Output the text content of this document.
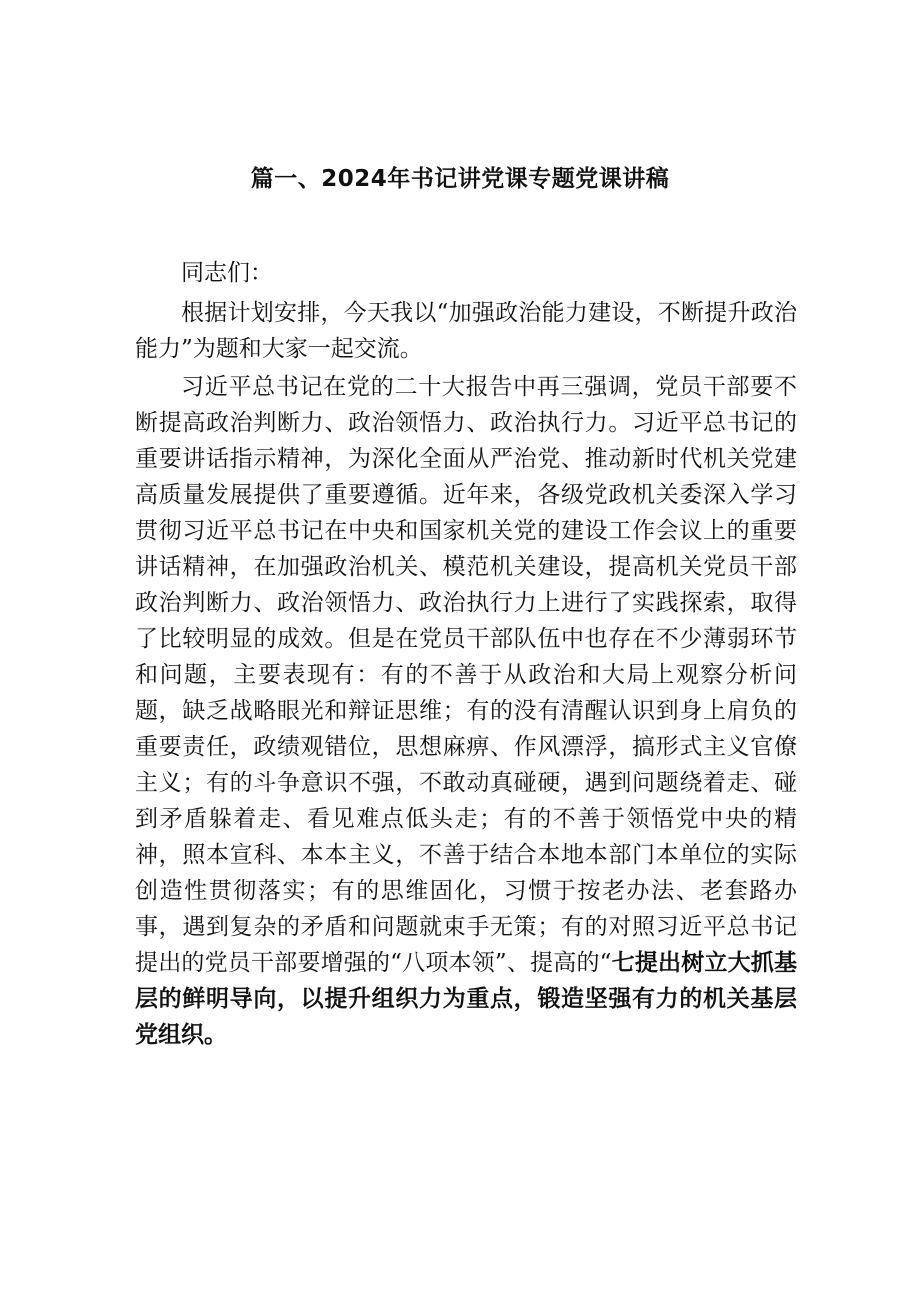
篇一、2024年书记讲党课专题党课讲稿

同志们：

根据计划安排，今天我以“加强政治能力建设，不断提升政治能力”为题和大家一起交流。

习近平总书记在党的二十大报告中再三强调，党员干部要不断提高政治判断力、政治领悟力、政治执行力。习近平总书记的重要讲话指示精神，为深化全面从严治党、推动新时代机关党建高质量发展提供了重要遵循。近年来，各级党政机关委深入学习贯彻习近平总书记在中央和国家机关党的建设工作会议上的重要讲话精神，在加强政治机关、模范机关建设，提高机关党员干部政治判断力、政治领悟力、政治执行力上进行了实践探索，取得了比较明显的成效。但是在党员干部队伍中也存在不少薄弱环节和问题，主要表现有：有的不善于从政治和大局上观察分析问题，缺乏战略眼光和辩证思维；有的没有清醒认识到身上肩负的重要责任，政绩观错位，思想麻痹、作风漂浮，搞形式主义官僚主义；有的斗争意识不强，不敢动真碰硬，遇到问题绕着走、碰到矛盾躲着走、看见难点低头走；有的不善于领悟党中央的精神，照本宣科、本本主义，不善于结合本地本部门本单位的实际创造性贯彻落实；有的思维固化，习惯于按老办法、老套路办事，遇到复杂的矛盾和问题就束手无策；有的对照习近平总书记提出的党员干部要增强的“八项本领”、提高的“七提出树立大抓基层的鲜明导向，以提升组织力为重点，锻造坚强有力的机关基层党组织。
